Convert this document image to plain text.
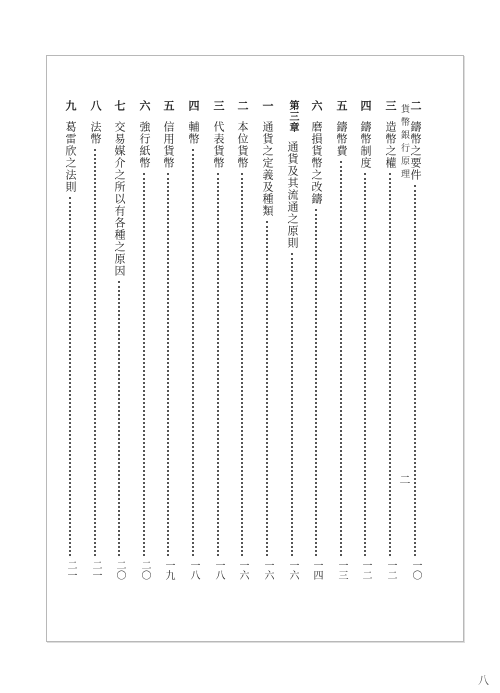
貨幣銀行原理
二
八
二
鑄幣之要件
一〇
三
造幣之權
一二
四
鑄幣制度
一二
五
鑄幣費
一三
六
磨損貨幣之改鑄
一四
第三章
通貨及其流通之原則
一六
一
通貨之定義及種類
一六
二
本位貨幣
一六
三
代表貨幣
一八
四
輔幣
一八
五
信用貨幣
一九
六
強行紙幣
二〇
七
交易媒介之所以有各種之原因
二〇
八
法幣
二一
九
葛雷欣之法則
二一
